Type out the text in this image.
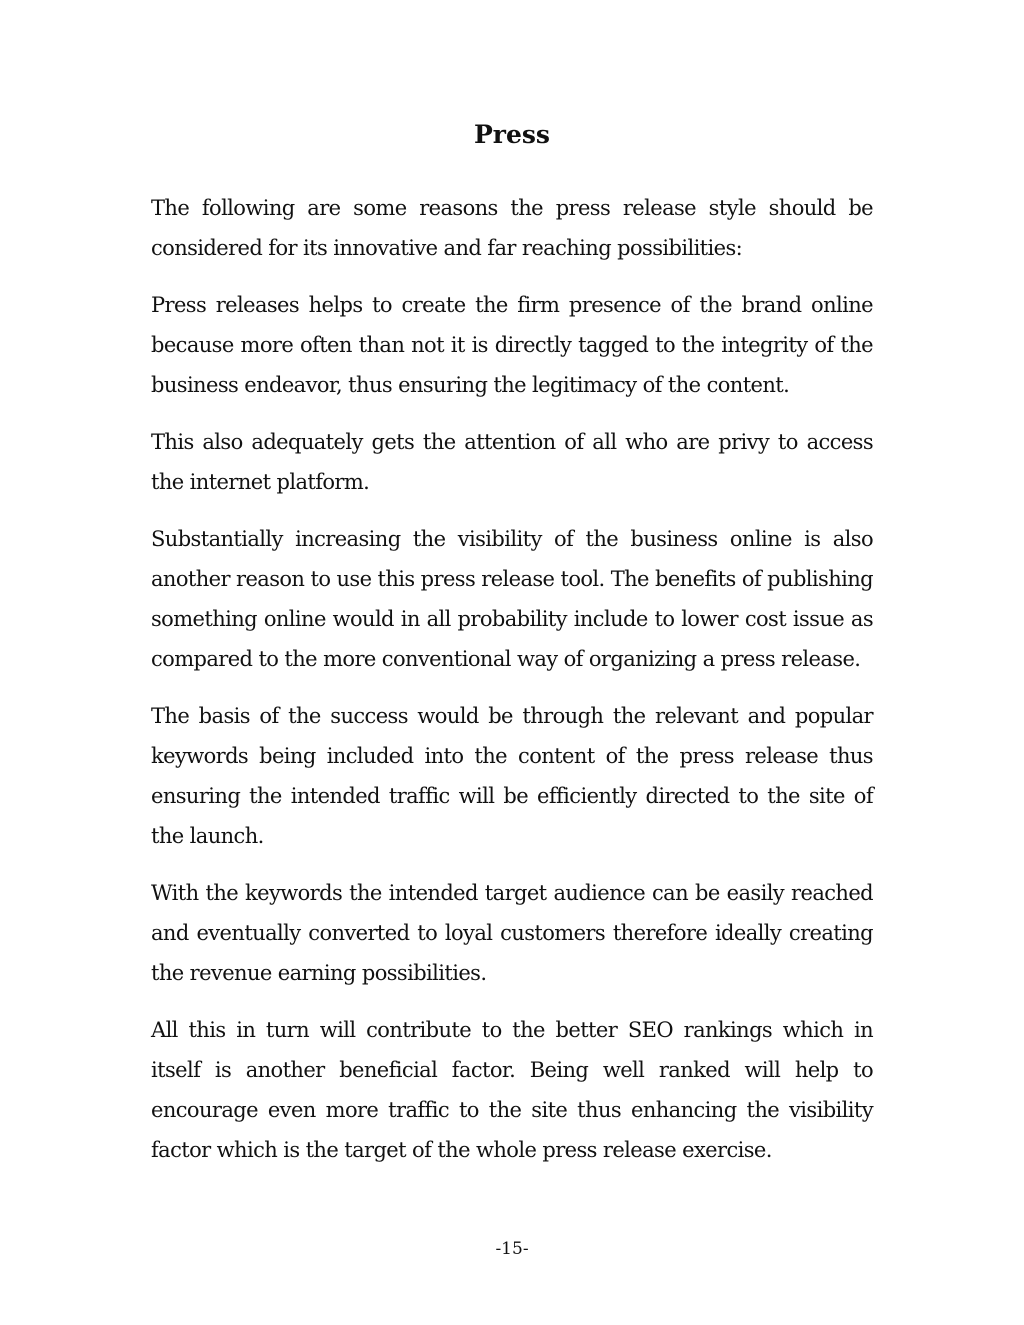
Press

The following are some reasons the press release style should be considered for its innovative and far reaching possibilities:

Press releases helps to create the firm presence of the brand online because more often than not it is directly tagged to the integrity of the business endeavor, thus ensuring the legitimacy of the content.

This also adequately gets the attention of all who are privy to access the internet platform.

Substantially increasing the visibility of the business online is also another reason to use this press release tool. The benefits of publishing something online would in all probability include to lower cost issue as compared to the more conventional way of organizing a press release.

The basis of the success would be through the relevant and popular keywords being included into the content of the press release thus ensuring the intended traffic will be efficiently directed to the site of the launch.

With the keywords the intended target audience can be easily reached and eventually converted to loyal customers therefore ideally creating the revenue earning possibilities.

All this in turn will contribute to the better SEO rankings which in itself is another beneficial factor. Being well ranked will help to encourage even more traffic to the site thus enhancing the visibility factor which is the target of the whole press release exercise.

-15-
